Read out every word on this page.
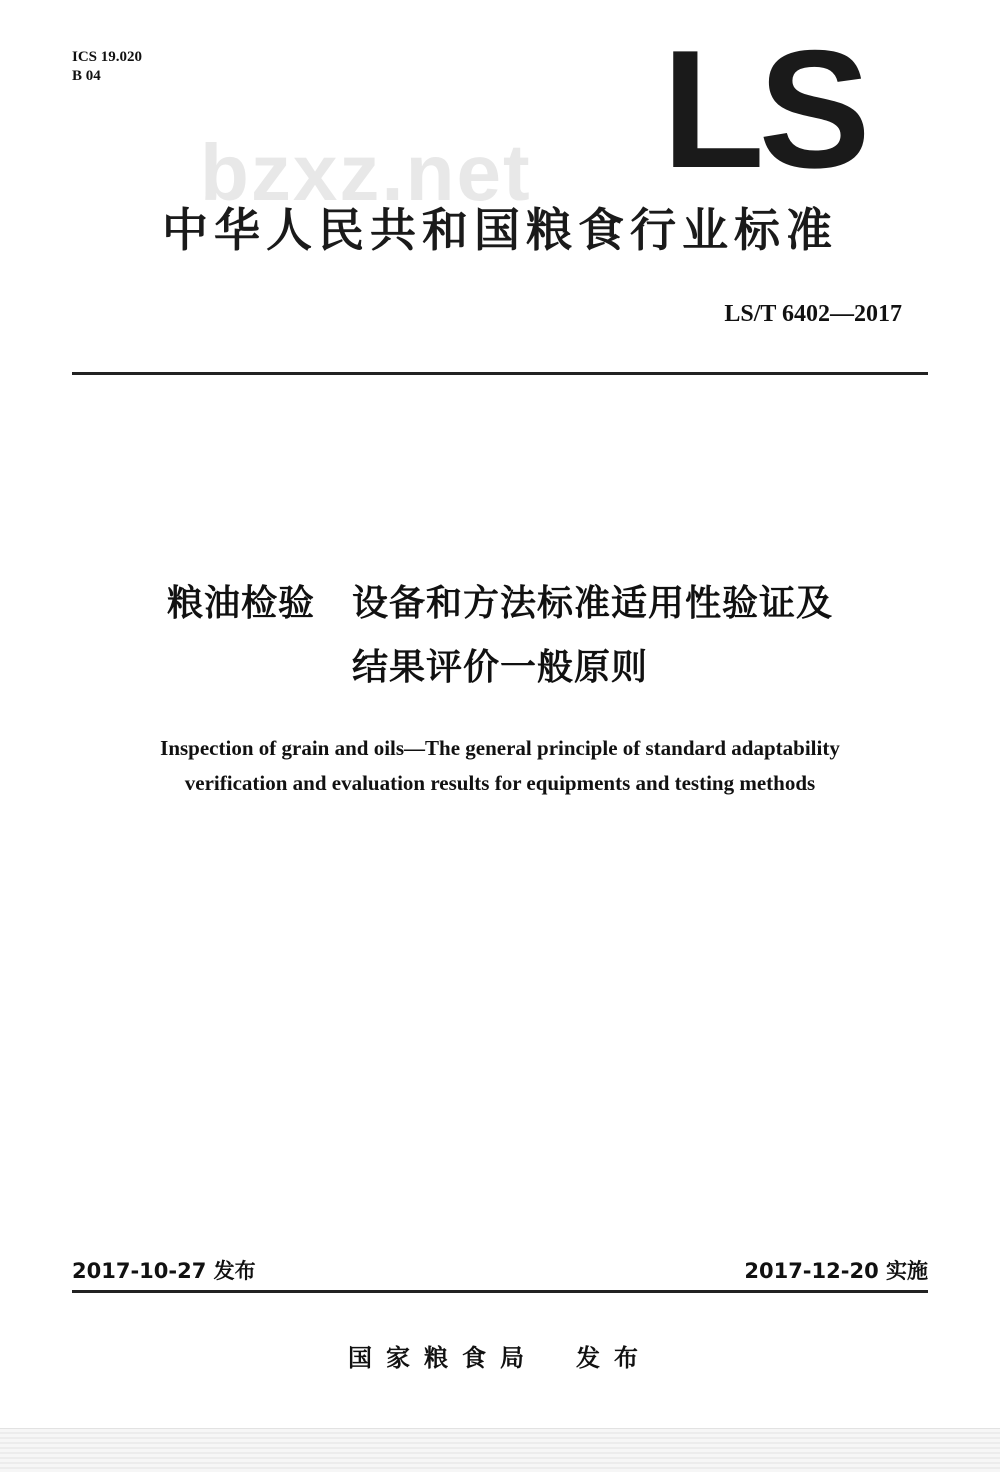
ICS 19.020
B 04
bzxz.net LS
中华人民共和国粮食行业标准
LS/T 6402—2017
粮油检验　设备和方法标准适用性验证及
结果评价一般原则
Inspection of grain and oils—The general principle of standard adaptability
verification and evaluation results for equipments and testing methods
2017-10-27 发布	2017-12-20 实施
国家粮食局　发布
